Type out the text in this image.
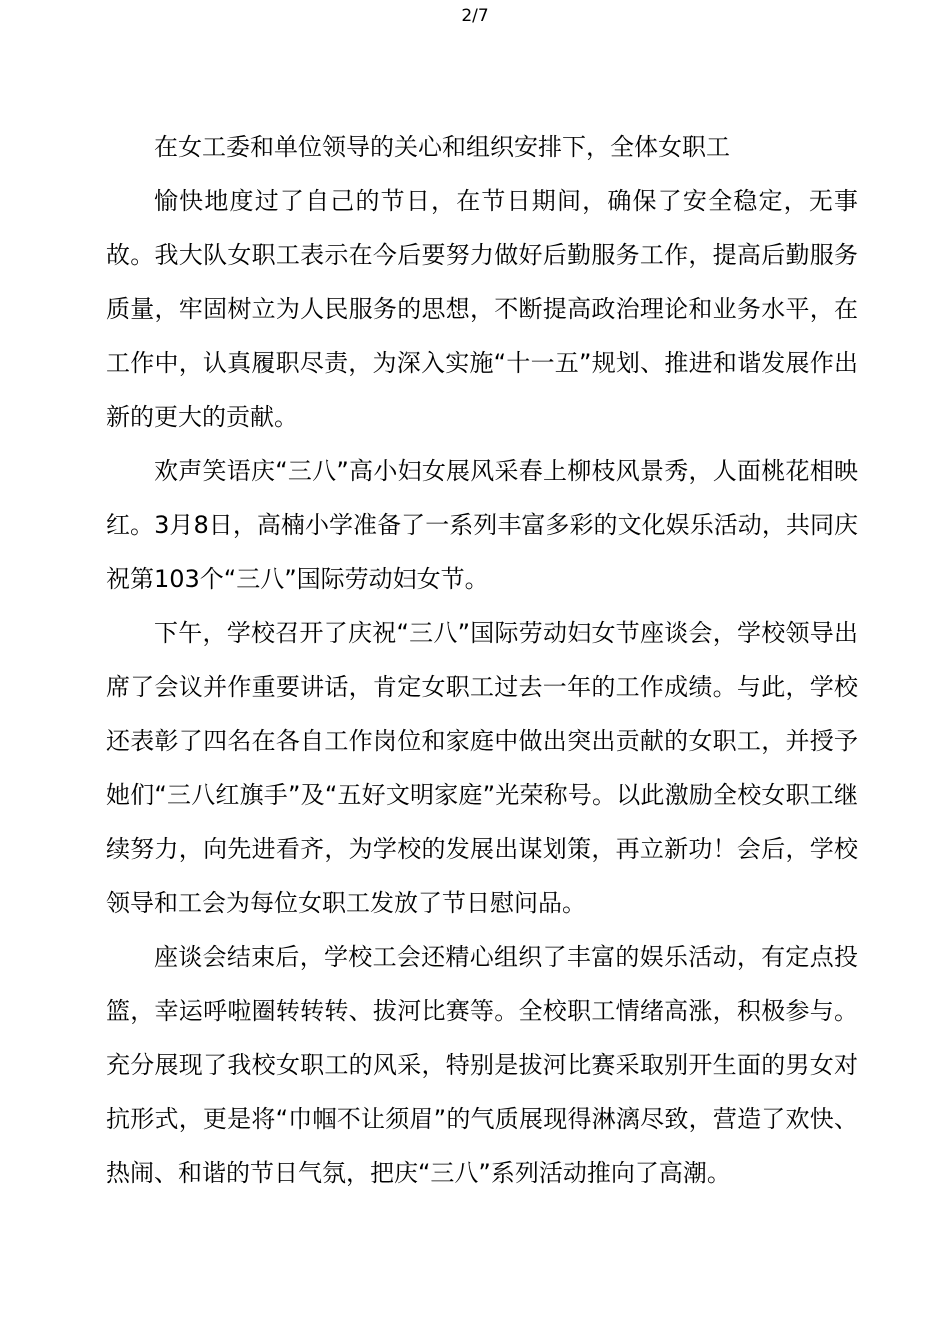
2/7

在女工委和单位领导的关心和组织安排下，全体女职工

愉快地度过了自己的节日，在节日期间，确保了安全稳定，无事故。我大队女职工表示在今后要努力做好后勤服务工作，提高后勤服务质量，牢固树立为人民服务的思想，不断提高政治理论和业务水平，在工作中，认真履职尽责，为深入实施“十一五”规划、推进和谐发展作出新的更大的贡献。

欢声笑语庆“三八”高小妇女展风采春上柳枝风景秀，人面桃花相映红。3月8日，高楠小学准备了一系列丰富多彩的文化娱乐活动，共同庆祝第103个“三八”国际劳动妇女节。

下午，学校召开了庆祝“三八”国际劳动妇女节座谈会，学校领导出席了会议并作重要讲话，肯定女职工过去一年的工作成绩。与此，学校还表彰了四名在各自工作岗位和家庭中做出突出贡献的女职工，并授予她们“三八红旗手”及“五好文明家庭”光荣称号。以此激励全校女职工继续努力，向先进看齐，为学校的发展出谋划策，再立新功！会后，学校领导和工会为每位女职工发放了节日慰问品。

座谈会结束后，学校工会还精心组织了丰富的娱乐活动，有定点投篮，幸运呼啦圈转转转、拔河比赛等。全校职工情绪高涨，积极参与。充分展现了我校女职工的风采，特别是拔河比赛采取别开生面的男女对抗形式，更是将“巾帼不让须眉”的气质展现得淋漓尽致，营造了欢快、热闹、和谐的节日气氛，把庆“三八”系列活动推向了高潮。
